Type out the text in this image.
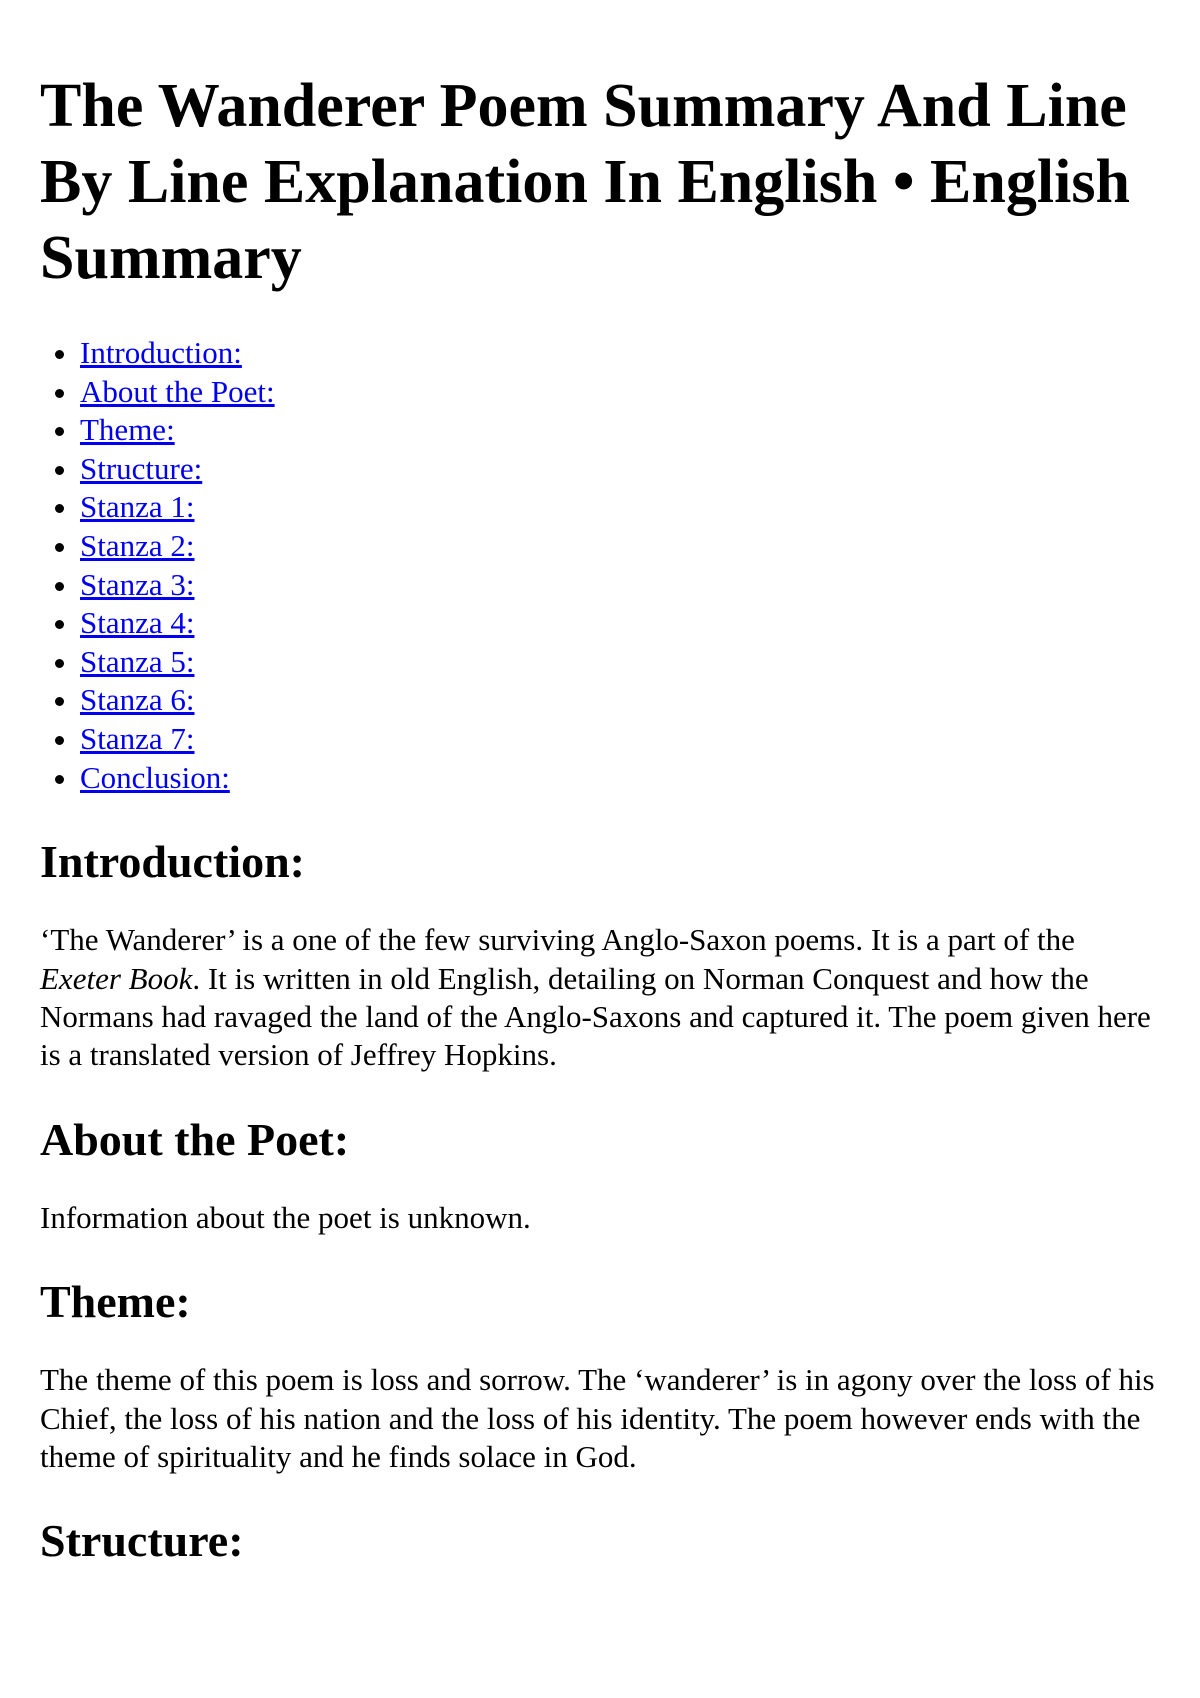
The Wanderer Poem Summary And Line By Line Explanation In English • English Summary
• Introduction:
• About the Poet:
• Theme:
• Structure:
• Stanza 1:
• Stanza 2:
• Stanza 3:
• Stanza 4:
• Stanza 5:
• Stanza 6:
• Stanza 7:
• Conclusion:
Introduction:

‘The Wanderer’ is a one of the few surviving Anglo-Saxon poems. It is a part of the Exeter Book. It is written in old English, detailing on Norman Conquest and how the Normans had ravaged the land of the Anglo-Saxons and captured it. The poem given here is a translated version of Jeffrey Hopkins.

About the Poet:

Information about the poet is unknown.

Theme:

The theme of this poem is loss and sorrow. The ‘wanderer’ is in agony over the loss of his Chief, the loss of his nation and the loss of his identity. The poem however ends with the theme of spirituality and he finds solace in God.

Structure:
